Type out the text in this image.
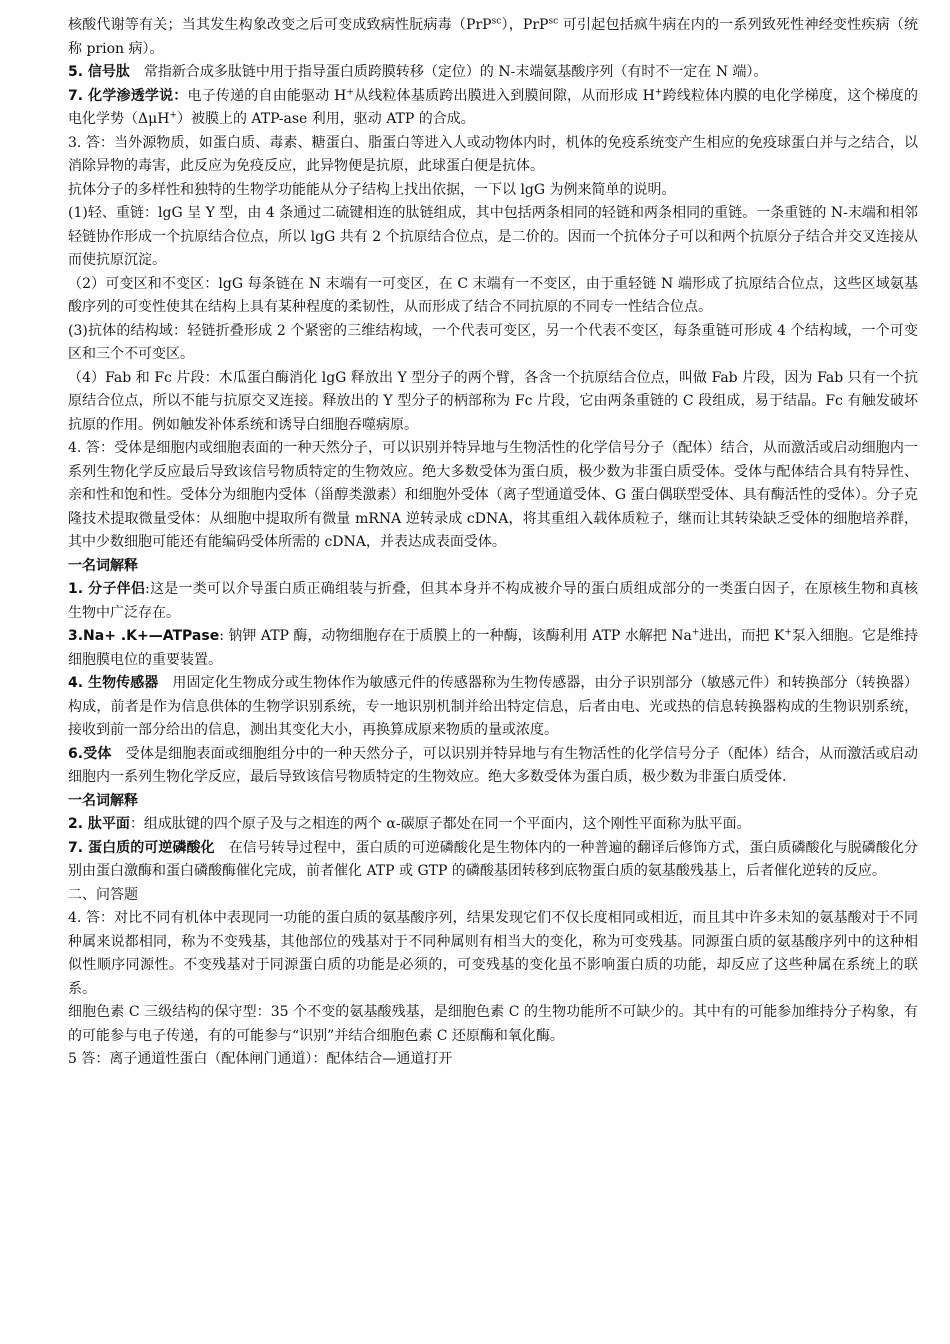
核酸代谢等有关；当其发生构象改变之后可变成致病性朊病毒（PrP$^{sc}$），PrP$^{sc}$ 可引起包括疯牛病在内的一系列致死性神经变性疾病（统称 prion 病）。

5. 信号肽　常指新合成多肽链中用于指导蛋白质跨膜转移（定位）的 N-末端氨基酸序列（有时不一定在 N 端）。

7. 化学渗透学说：电子传递的自由能驱动 H+从线粒体基质跨出膜进入到膜间隙，从而形成 H+跨线粒体内膜的电化学梯度，这个梯度的电化学势（ΔμH+）被膜上的 ATP-ase 利用，驱动 ATP 的合成。

3. 答：当外源物质，如蛋白质、毒素、糖蛋白、脂蛋白等进入人或动物体内时，机体的免疫系统变产生相应的免疫球蛋白并与之结合，以消除异物的毒害，此反应为免疫反应，此异物便是抗原，此球蛋白便是抗体。

抗体分子的多样性和独特的生物学功能能从分子结构上找出依据，一下以 lgG 为例来简单的说明。

(1)轻、重链：lgG 呈 Y 型，由 4 条通过二硫键相连的肽链组成，其中包括两条相同的轻链和两条相同的重链。一条重链的 N-末端和相邻轻链协作形成一个抗原结合位点，所以 lgG 共有 2 个抗原结合位点，是二价的。因而一个抗体分子可以和两个抗原分子结合并交叉连接从而使抗原沉淀。

（2）可变区和不变区：lgG 每条链在 N 末端有一可变区，在 C 末端有一不变区，由于重轻链 N 端形成了抗原结合位点，这些区域氨基酸序列的可变性使其在结构上具有某种程度的柔韧性，从而形成了结合不同抗原的不同专一性结合位点。

(3)抗体的结构域：轻链折叠形成 2 个紧密的三维结构域，一个代表可变区，另一个代表不变区，每条重链可形成 4 个结构域，一个可变区和三个不可变区。

（4）Fab 和 Fc 片段：木瓜蛋白酶消化 lgG 释放出 Y 型分子的两个臂，各含一个抗原结合位点，叫做 Fab 片段，因为 Fab 只有一个抗原结合位点，所以不能与抗原交叉连接。释放出的 Y 型分子的柄部称为 Fc 片段，它由两条重链的 C 段组成，易于结晶。Fc 有触发破坏抗原的作用。例如触发补体系统和诱导白细胞吞噬病原。

4. 答：受体是细胞内或细胞表面的一种天然分子，可以识别并特异地与生物活性的化学信号分子（配体）结合，从而激活或启动细胞内一系列生物化学反应最后导致该信号物质特定的生物效应。绝大多数受体为蛋白质，极少数为非蛋白质受体。受体与配体结合具有特异性、亲和性和饱和性。受体分为细胞内受体（甾醇类激素）和细胞外受体（离子型通道受体、G 蛋白偶联型受体、具有酶活性的受体）。分子克隆技术提取微量受体：从细胞中提取所有微量 mRNA 逆转录成 cDNA，将其重组入载体质粒子，继而让其转染缺乏受体的细胞培养群，其中少数细胞可能还有能编码受体所需的 cDNA，并表达成表面受体。

一名词解释

1. 分子伴侣:这是一类可以介导蛋白质正确组装与折叠，但其本身并不构成被介导的蛋白质组成部分的一类蛋白因子，在原核生物和真核生物中广泛存在。

3.Na+ .K+—ATPase: 钠钾 ATP 酶，动物细胞存在于质膜上的一种酶，该酶利用 ATP 水解把 Na+进出，而把 K+泵入细胞。它是维持细胞膜电位的重要装置。

4. 生物传感器　用固定化生物成分或生物体作为敏感元件的传感器称为生物传感器，由分子识别部分（敏感元件）和转换部分（转换器）构成，前者是作为信息供体的生物学识别系统，专一地识别机制并给出特定信息，后者由电、光或热的信息转换器构成的生物识别系统，接收到前一部分给出的信息，测出其变化大小，再换算成原来物质的量或浓度。

6.受体　受体是细胞表面或细胞组分中的一种天然分子，可以识别并特异地与有生物活性的化学信号分子（配体）结合，从而激活或启动细胞内一系列生物化学反应，最后导致该信号物质特定的生物效应。绝大多数受体为蛋白质，极少数为非蛋白质受体.

一名词解释

2. 肽平面：组成肽键的四个原子及与之相连的两个 α-碳原子都处在同一个平面内，这个刚性平面称为肽平面。

7. 蛋白质的可逆磷酸化　在信号转导过程中，蛋白质的可逆磷酸化是生物体内的一种普遍的翻译后修饰方式，蛋白质磷酸化与脱磷酸化分别由蛋白激酶和蛋白磷酸酶催化完成，前者催化 ATP 或 GTP 的磷酸基团转移到底物蛋白质的氨基酸残基上，后者催化逆转的反应。

二、问答题

4. 答：对比不同有机体中表现同一功能的蛋白质的氨基酸序列，结果发现它们不仅长度相同或相近，而且其中许多未知的氨基酸对于不同种属来说都相同，称为不变残基，其他部位的残基对于不同种属则有相当大的变化，称为可变残基。同源蛋白质的氨基酸序列中的这种相似性顺序同源性。不变残基对于同源蛋白质的功能是必须的，可变残基的变化虽不影响蛋白质的功能，却反应了这些种属在系统上的联系。

细胞色素 C 三级结构的保守型：35 个不变的氨基酸残基，是细胞色素 C 的生物功能所不可缺少的。其中有的可能参加维持分子构象，有的可能参与电子传递，有的可能参与“识别”并结合细胞色素 C 还原酶和氧化酶。

5 答：离子通道性蛋白（配体闸门通道）：配体结合—通道打开
